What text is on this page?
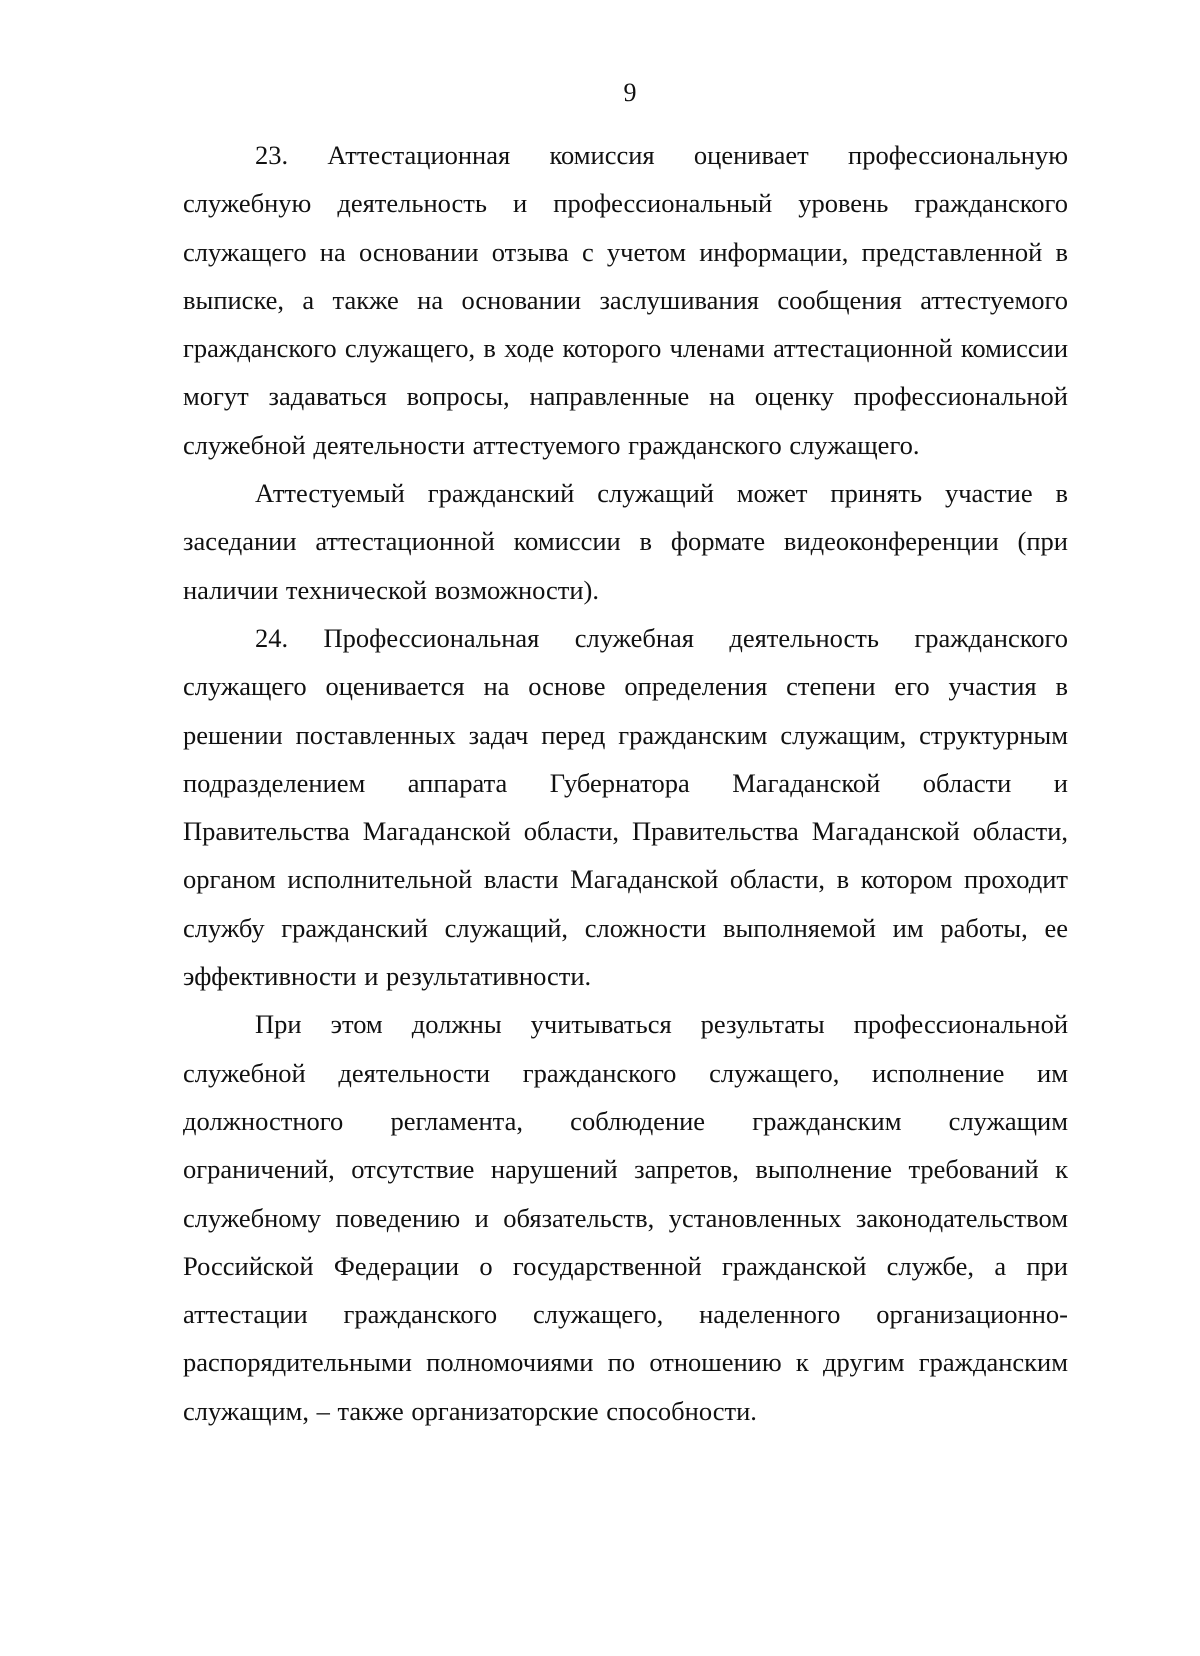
9

23. Аттестационная комиссия оценивает профессиональную служебную деятельность и профессиональный уровень гражданского служащего на основании отзыва с учетом информации, представленной в выписке, а также на основании заслушивания сообщения аттестуемого гражданского служащего, в ходе которого членами аттестационной комиссии могут задаваться вопросы, направленные на оценку профессиональной служебной деятельности аттестуемого гражданского служащего.

Аттестуемый гражданский служащий может принять участие в заседании аттестационной комиссии в формате видеоконференции (при наличии технической возможности).

24. Профессиональная служебная деятельность гражданского служащего оценивается на основе определения степени его участия в решении поставленных задач перед гражданским служащим, структурным подразделением аппарата Губернатора Магаданской области и Правительства Магаданской области, Правительства Магаданской области, органом исполнительной власти Магаданской области, в котором проходит службу гражданский служащий, сложности выполняемой им работы, ее эффективности и результативности.

При этом должны учитываться результаты профессиональной служебной деятельности гражданского служащего, исполнение им должностного регламента, соблюдение гражданским служащим ограничений, отсутствие нарушений запретов, выполнение требований к служебному поведению и обязательств, установленных законодательством Российской Федерации о государственной гражданской службе, а при аттестации гражданского служащего, наделенного организационно-распорядительными полномочиями по отношению к другим гражданским служащим, – также организаторские способности.
